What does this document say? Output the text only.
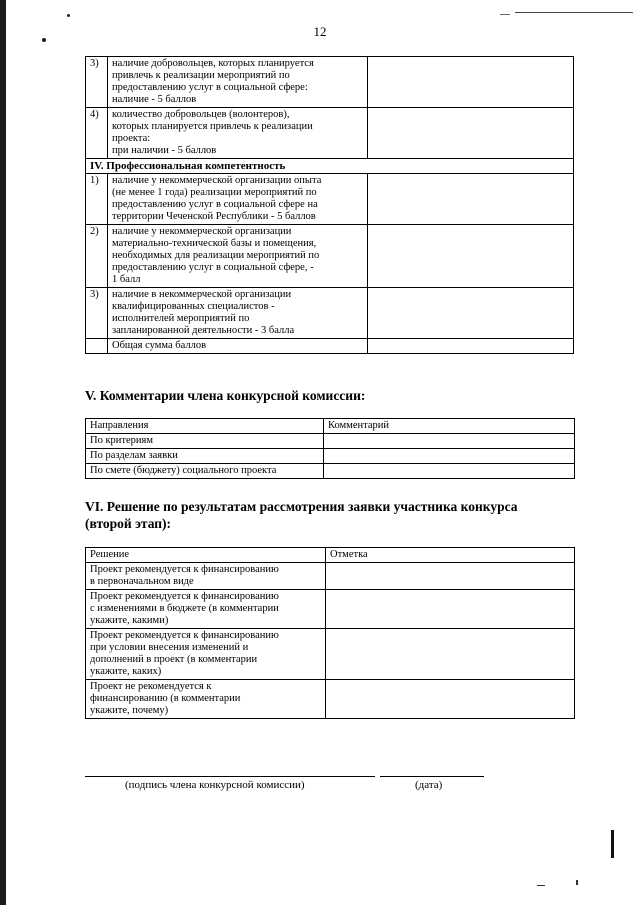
12
3)	наличие добровольцев, которых планируется
привлечь к реализации мероприятий по
предоставлению услуг в социальной сфере:
наличие - 5 баллов	

4)	количество добровольцев (волонтеров),
которых планируется привлечь к реализации
проекта:
при наличии - 5 баллов	

IV. Профессиональная компетентность		
1)	наличие у некоммерческой организации опыта
(не менее 1 года) реализации мероприятий по
предоставлению услуг в социальной сфере на
территории Чеченской Республики - 5 баллов	

2)	наличие у некоммерческой организации
материально-технической базы и помещения,
необходимых для реализации мероприятий по
предоставлению услуг в социальной сфере, -
1 балл	

3)	наличие в некоммерческой организации
квалифицированных специалистов -
исполнителей мероприятий по
запланированной деятельности - 3 балла	

	Общая сумма баллов	
V. Комментарии члена конкурсной комиссии:
Направления	Комментарий
По критериям	
По разделам заявки	
По смете (бюджету) социального проекта	
VI. Решение по результатам рассмотрения заявки участника конкурса
(второй этап):
Решение	Отметка

Проект рекомендуется к финансированию
в первоначальном виде	

Проект рекомендуется к финансированию
с изменениями в бюджете (в комментарии
укажите, какими)	

Проект рекомендуется к финансированию
при условии внесения изменений и
дополнений в проект (в комментарии
укажите, каких)	

Проект не рекомендуется к
финансированию (в комментарии
укажите, почему)	

(подпись члена конкурсной комиссии)	(дата)
